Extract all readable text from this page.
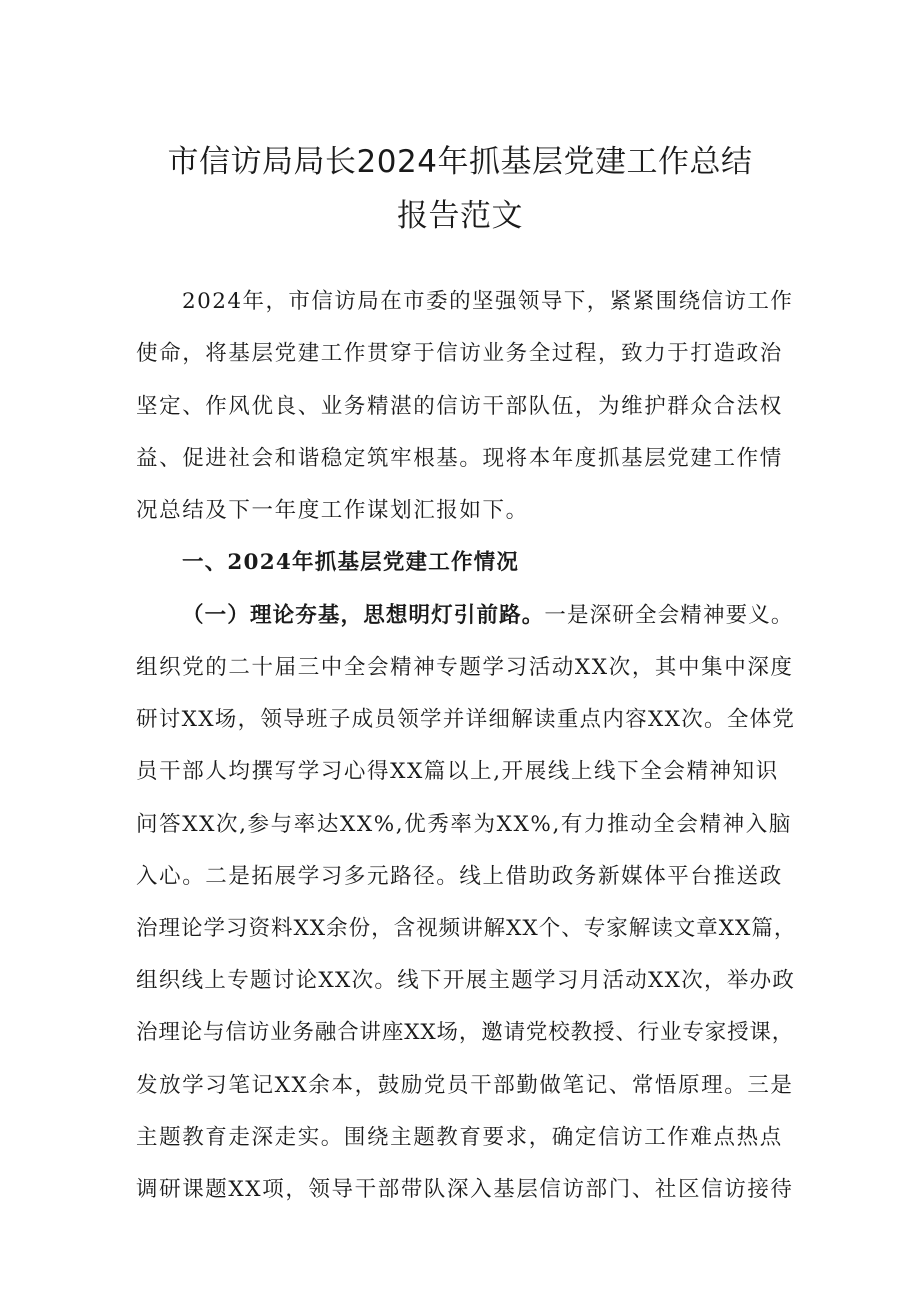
市信访局局长2024年抓基层党建工作总结
报告范文
2024年，市信访局在市委的坚强领导下，紧紧围绕信访工作
使命，将基层党建工作贯穿于信访业务全过程，致力于打造政治
坚定、作风优良、业务精湛的信访干部队伍，为维护群众合法权
益、促进社会和谐稳定筑牢根基。现将本年度抓基层党建工作情
况总结及下一年度工作谋划汇报如下。
一、2024年抓基层党建工作情况
（一）理论夯基，思想明灯引前路。一是深研全会精神要义。
组织党的二十届三中全会精神专题学习活动XX次，其中集中深度
研讨XX场，领导班子成员领学并详细解读重点内容XX次。全体党
员干部人均撰写学习心得XX篇以上,开展线上线下全会精神知识
问答XX次,参与率达XX%,优秀率为XX%,有力推动全会精神入脑
入心。二是拓展学习多元路径。线上借助政务新媒体平台推送政
治理论学习资料XX余份，含视频讲解XX个、专家解读文章XX篇，
组织线上专题讨论XX次。线下开展主题学习月活动XX次，举办政
治理论与信访业务融合讲座XX场，邀请党校教授、行业专家授课，
发放学习笔记XX余本，鼓励党员干部勤做笔记、常悟原理。三是
主题教育走深走实。围绕主题教育要求，确定信访工作难点热点
调研课题XX项，领导干部带队深入基层信访部门、社区信访接待
